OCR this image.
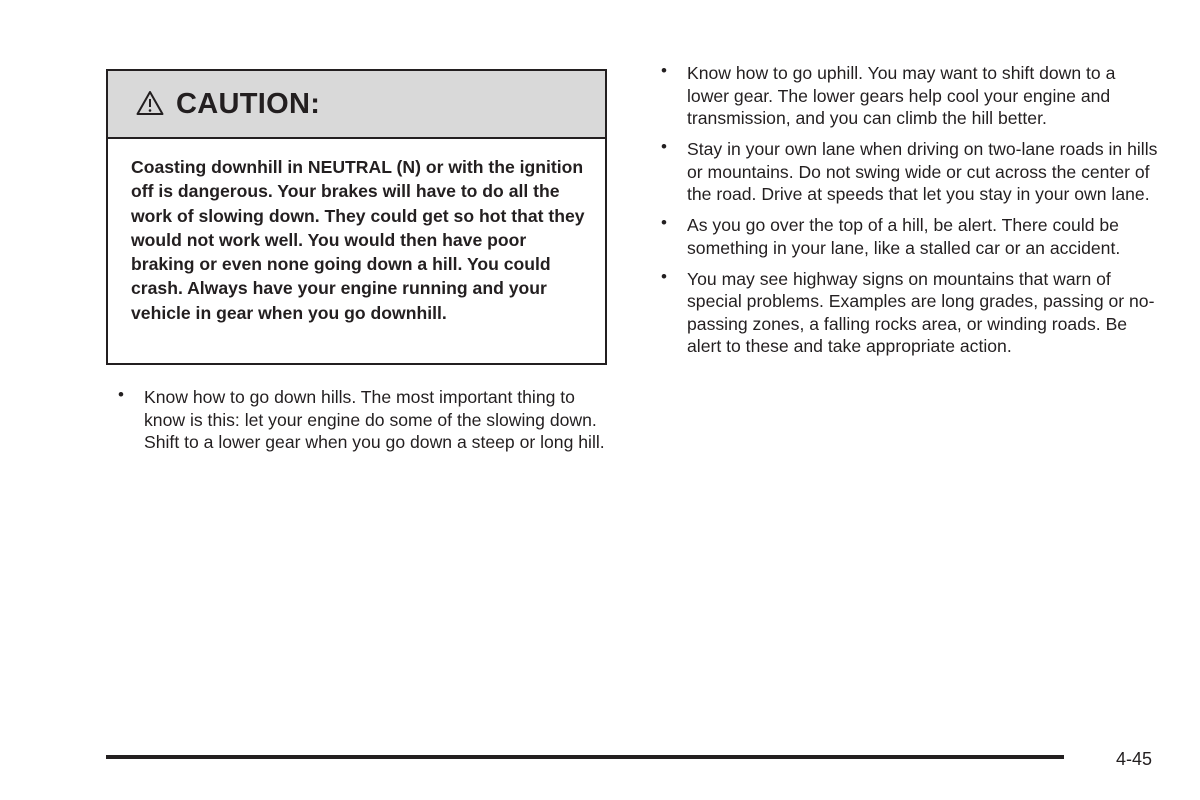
CAUTION:
Coasting downhill in NEUTRAL (N) or with the ignition off is dangerous. Your brakes will have to do all the work of slowing down. They could get so hot that they would not work well. You would then have poor braking or even none going down a hill. You could crash. Always have your engine running and your vehicle in gear when you go downhill.
• Know how to go down hills. The most important thing to know is this: let your engine do some of the slowing down. Shift to a lower gear when you go down a steep or long hill.
• Know how to go uphill. You may want to shift down to a lower gear. The lower gears help cool your engine and transmission, and you can climb the hill better.
• Stay in your own lane when driving on two-lane roads in hills or mountains. Do not swing wide or cut across the center of the road. Drive at speeds that let you stay in your own lane.
• As you go over the top of a hill, be alert. There could be something in your lane, like a stalled car or an accident.
• You may see highway signs on mountains that warn of special problems. Examples are long grades, passing or no-passing zones, a falling rocks area, or winding roads. Be alert to these and take appropriate action.
4-45
